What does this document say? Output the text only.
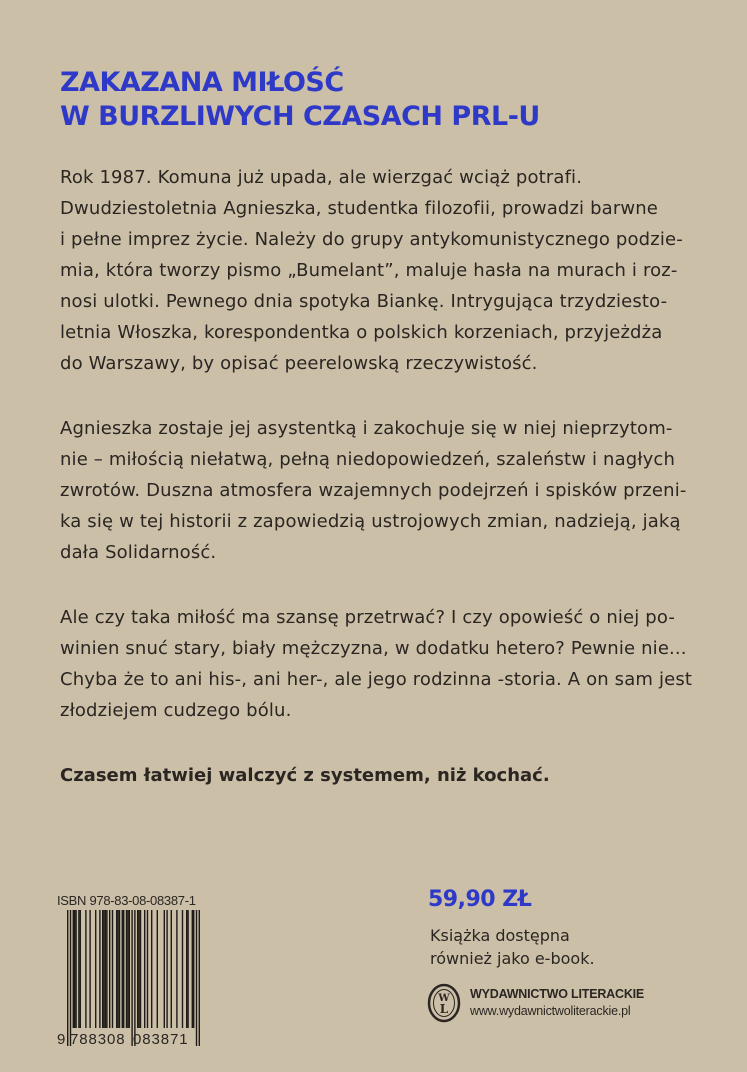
ZAKAZANA MIŁOŚĆ
W BURZLIWYCH CZASACH PRL-U

Rok 1987. Komuna już upada, ale wierzgać wciąż potrafi.
Dwudziestoletnia Agnieszka, studentka filozofii, prowadzi barwne
i pełne imprez życie. Należy do grupy antykomunistycznego podzie-
mia, która tworzy pismo „Bumelant”, maluje hasła na murach i roz-
nosi ulotki. Pewnego dnia spotyka Biankę. Intrygująca trzydziesto-
letnia Włoszka, korespondentka o polskich korzeniach, przyjeżdża
do Warszawy, by opisać peerelowską rzeczywistość.

Agnieszka zostaje jej asystentką i zakochuje się w niej nieprzytom-
nie – miłością niełatwą, pełną niedopowiedzeń, szaleństw i nagłych
zwrotów. Duszna atmosfera wzajemnych podejrzeń i spisków przeni-
ka się w tej historii z zapowiedzią ustrojowych zmian, nadzieją, jaką
dała Solidarność.

Ale czy taka miłość ma szansę przetrwać? I czy opowieść o niej po-
winien snuć stary, biały mężczyzna, w dodatku hetero? Pewnie nie...
Chyba że to ani his-, ani her-, ale jego rodzinna -storia. A on sam jest
złodziejem cudzego bólu.

Czasem łatwiej walczyć z systemem, niż kochać.

ISBN 978-83-08-08387-1
9 788308 083871
59,90 ZŁ
Książka dostępna
również jako e-book.
W
L
WYDAWNICTWO LITERACKIE
www.wydawnictwoliterackie.pl
